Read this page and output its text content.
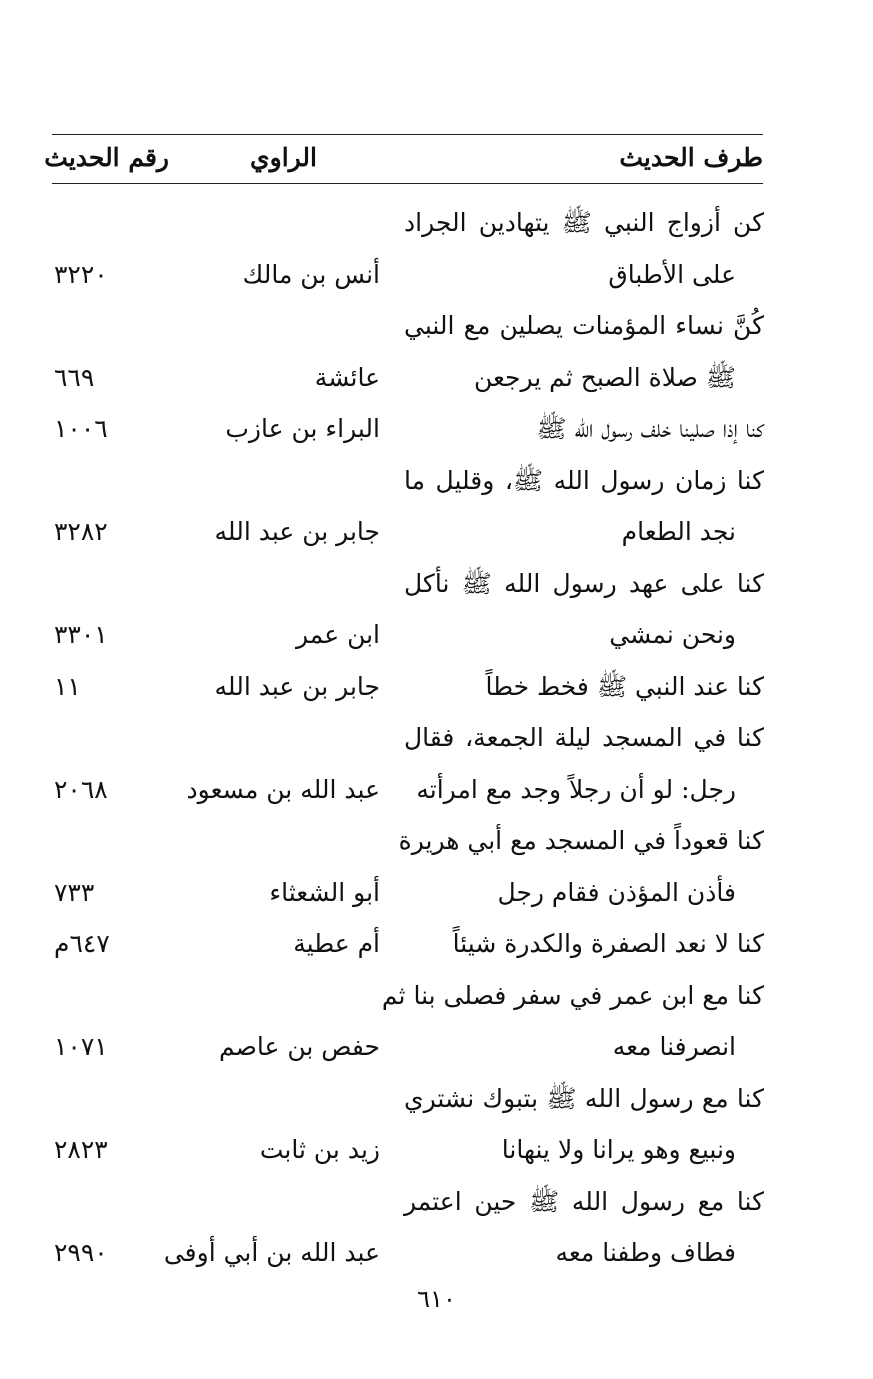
طرف الحديث
الراوي
رقم الحديث
كن أزواج النبي ﷺ يتهادين الجراد
على الأطباق
أنس بن مالك
٣٢٢٠
كُنَّ نساء المؤمنات يصلين مع النبي
ﷺ صلاة الصبح ثم يرجعن
عائشة
٦٦٩
كنا إذا صلينا خلف رسول الله ﷺ
البراء بن عازب
١٠٠٦
كنا زمان رسول الله ﷺ، وقليل ما
نجد الطعام
جابر بن عبد الله
٣٢٨٢
كنا على عهد رسول الله ﷺ نأكل
ونحن نمشي
ابن عمر
٣٣٠١
كنا عند النبي ﷺ فخط خطاً
جابر بن عبد الله
١١
كنا في المسجد ليلة الجمعة، فقال
رجل: لو أن رجلاً وجد مع امرأته
عبد الله بن مسعود
٢٠٦٨
كنا قعوداً في المسجد مع أبي هريرة
فأذن المؤذن فقام رجل
أبو الشعثاء
٧٣٣
كنا لا نعد الصفرة والكدرة شيئاً
أم عطية
٦٤٧م
كنا مع ابن عمر في سفر فصلى بنا ثم
انصرفنا معه
حفص بن عاصم
١٠٧١
كنا مع رسول الله ﷺ بتبوك نشتري
ونبيع وهو يرانا ولا ينهانا
زيد بن ثابت
٢٨٢٣
كنا مع رسول الله ﷺ حين اعتمر
فطاف وطفنا معه
عبد الله بن أبي أوفى
٢٩٩٠
٦١٠
